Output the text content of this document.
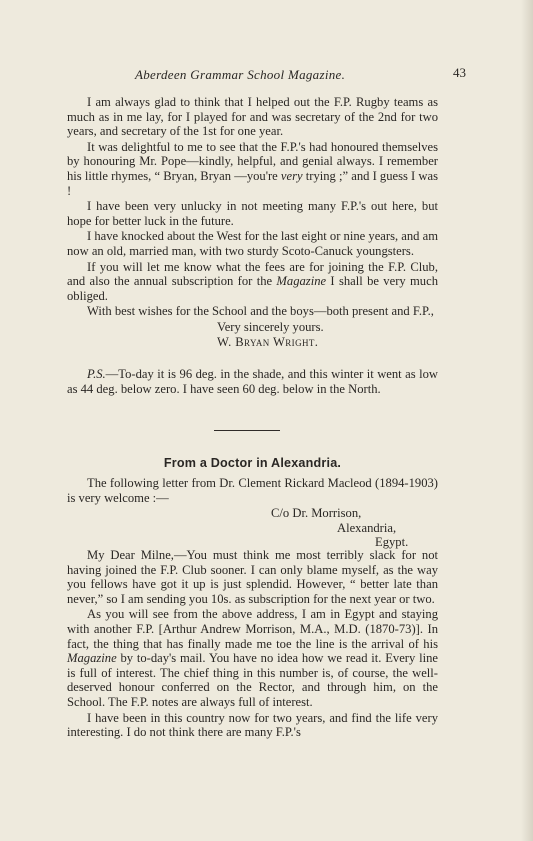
Aberdeen Grammar School Magazine.	43

I am always glad to think that I helped out the F.P. Rugby teams as much as in me lay, for I played for and was secretary of the 2nd for two years, and secretary of the 1st for one year.

It was delightful to me to see that the F.P.'s had honoured themselves by honouring Mr. Pope—kindly, helpful, and genial always. I remember his little rhymes, “ Bryan, Bryan —you're very trying ;” and I guess I was !

I have been very unlucky in not meeting many F.P.'s out here, but hope for better luck in the future.

I have knocked about the West for the last eight or nine years, and am now an old, married man, with two sturdy Scoto-Canuck youngsters.

If you will let me know what the fees are for joining the F.P. Club, and also the annual subscription for the Magazine I shall be very much obliged.

With best wishes for the School and the boys—both present and F.P.,

Very sincerely yours.

W. Bryan Wright.

P.S.—To-day it is 96 deg. in the shade, and this winter it went as low as 44 deg. below zero. I have seen 60 deg. below in the North.

From a Doctor in Alexandria.

The following letter from Dr. Clement Rickard Macleod (1894-1903) is very welcome :—

C/o Dr. Morrison,

Alexandria,

Egypt.

My Dear Milne,—You must think me most terribly slack for not having joined the F.P. Club sooner. I can only blame myself, as the way you fellows have got it up is just splendid. However, “ better late than never,” so I am sending you 10s. as subscription for the next year or two.

As you will see from the above address, I am in Egypt and staying with another F.P. [Arthur Andrew Morrison, M.A., M.D. (1870-73)]. In fact, the thing that has finally made me toe the line is the arrival of his Magazine by to-day's mail. You have no idea how we read it. Every line is full of interest. The chief thing in this number is, of course, the well-deserved honour conferred on the Rector, and through him, on the School. The F.P. notes are always full of interest.

I have been in this country now for two years, and find the life very interesting. I do not think there are many F.P.'s
